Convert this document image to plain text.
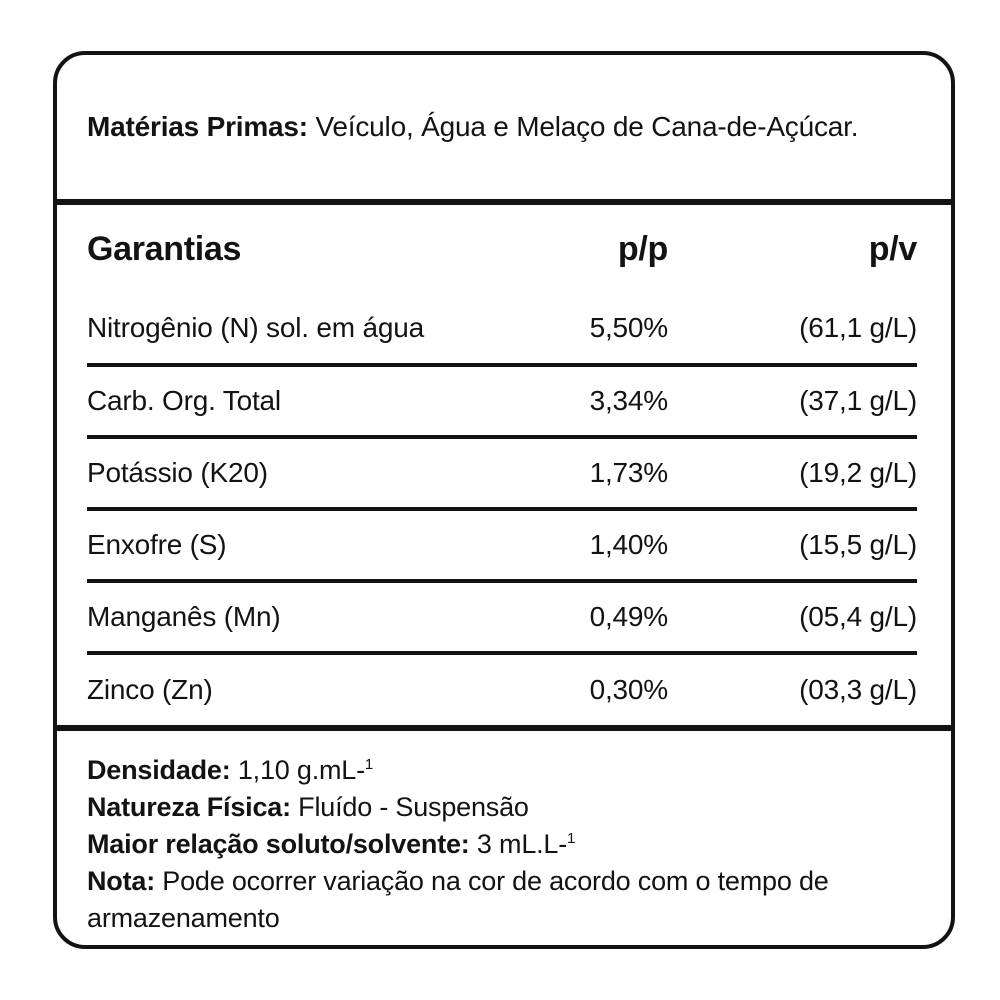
Matérias Primas: Veículo, Água e Melaço de Cana-de-Açúcar.

Garantias	p/p	p/v
Nitrogênio (N) sol. em água	5,50%	(61,1 g/L)
Carb. Org. Total	3,34%	(37,1 g/L)
Potássio (K20)	1,73%	(19,2 g/L)
Enxofre (S)	1,40%	(15,5 g/L)
Manganês (Mn)	0,49%	(05,4 g/L)
Zinco (Zn)	0,30%	(03,3 g/L)

Densidade: 1,10 g.mL-$^1$

Natureza Física: Fluído - Suspensão

Maior relação soluto/solvente: 3 mL.L-$^1$

Nota: Pode ocorrer variação na cor de acordo com o tempo de armazenamento
